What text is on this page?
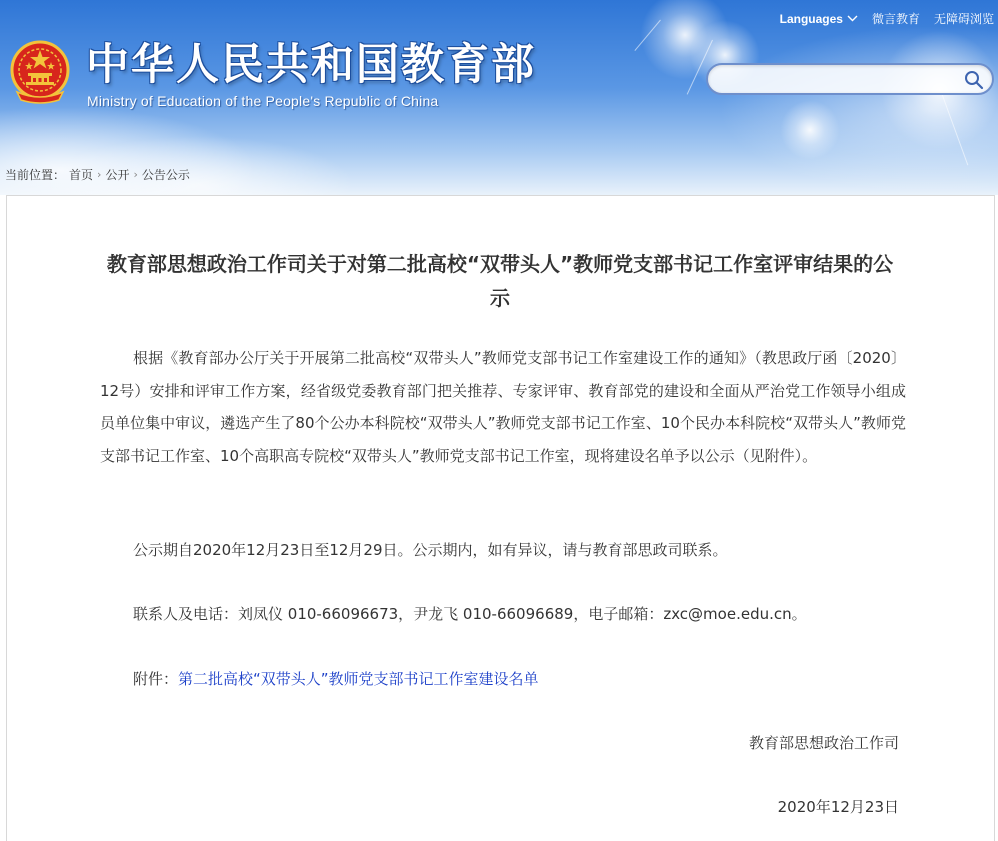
中华人民共和国教育部
Ministry of Education of the People's Republic of China
Languages 微言教育 无障碍浏览
当前位置： 首页 › 公开 › 公告公示
教育部思想政治工作司关于对第二批高校“双带头人”教师党支部书记工作室评审结果的公示

根据《教育部办公厅关于开展第二批高校“双带头人”教师党支部书记工作室建设工作的通知》（教思政厅函〔2020〕12号）安排和评审工作方案，经省级党委教育部门把关推荐、专家评审、教育部党的建设和全面从严治党工作领导小组成员单位集中审议，遴选产生了80个公办本科院校“双带头人”教师党支部书记工作室、10个民办本科院校“双带头人”教师党支部书记工作室、10个高职高专院校“双带头人”教师党支部书记工作室，现将建设名单予以公示（见附件）。

公示期自2020年12月23日至12月29日。公示期内，如有异议，请与教育部思政司联系。

联系人及电话：刘凤仪 010-66096673，尹龙飞 010-66096689，电子邮箱：zxc@moe.edu.cn。

附件：第二批高校“双带头人”教师党支部书记工作室建设名单

教育部思想政治工作司
2020年12月23日
